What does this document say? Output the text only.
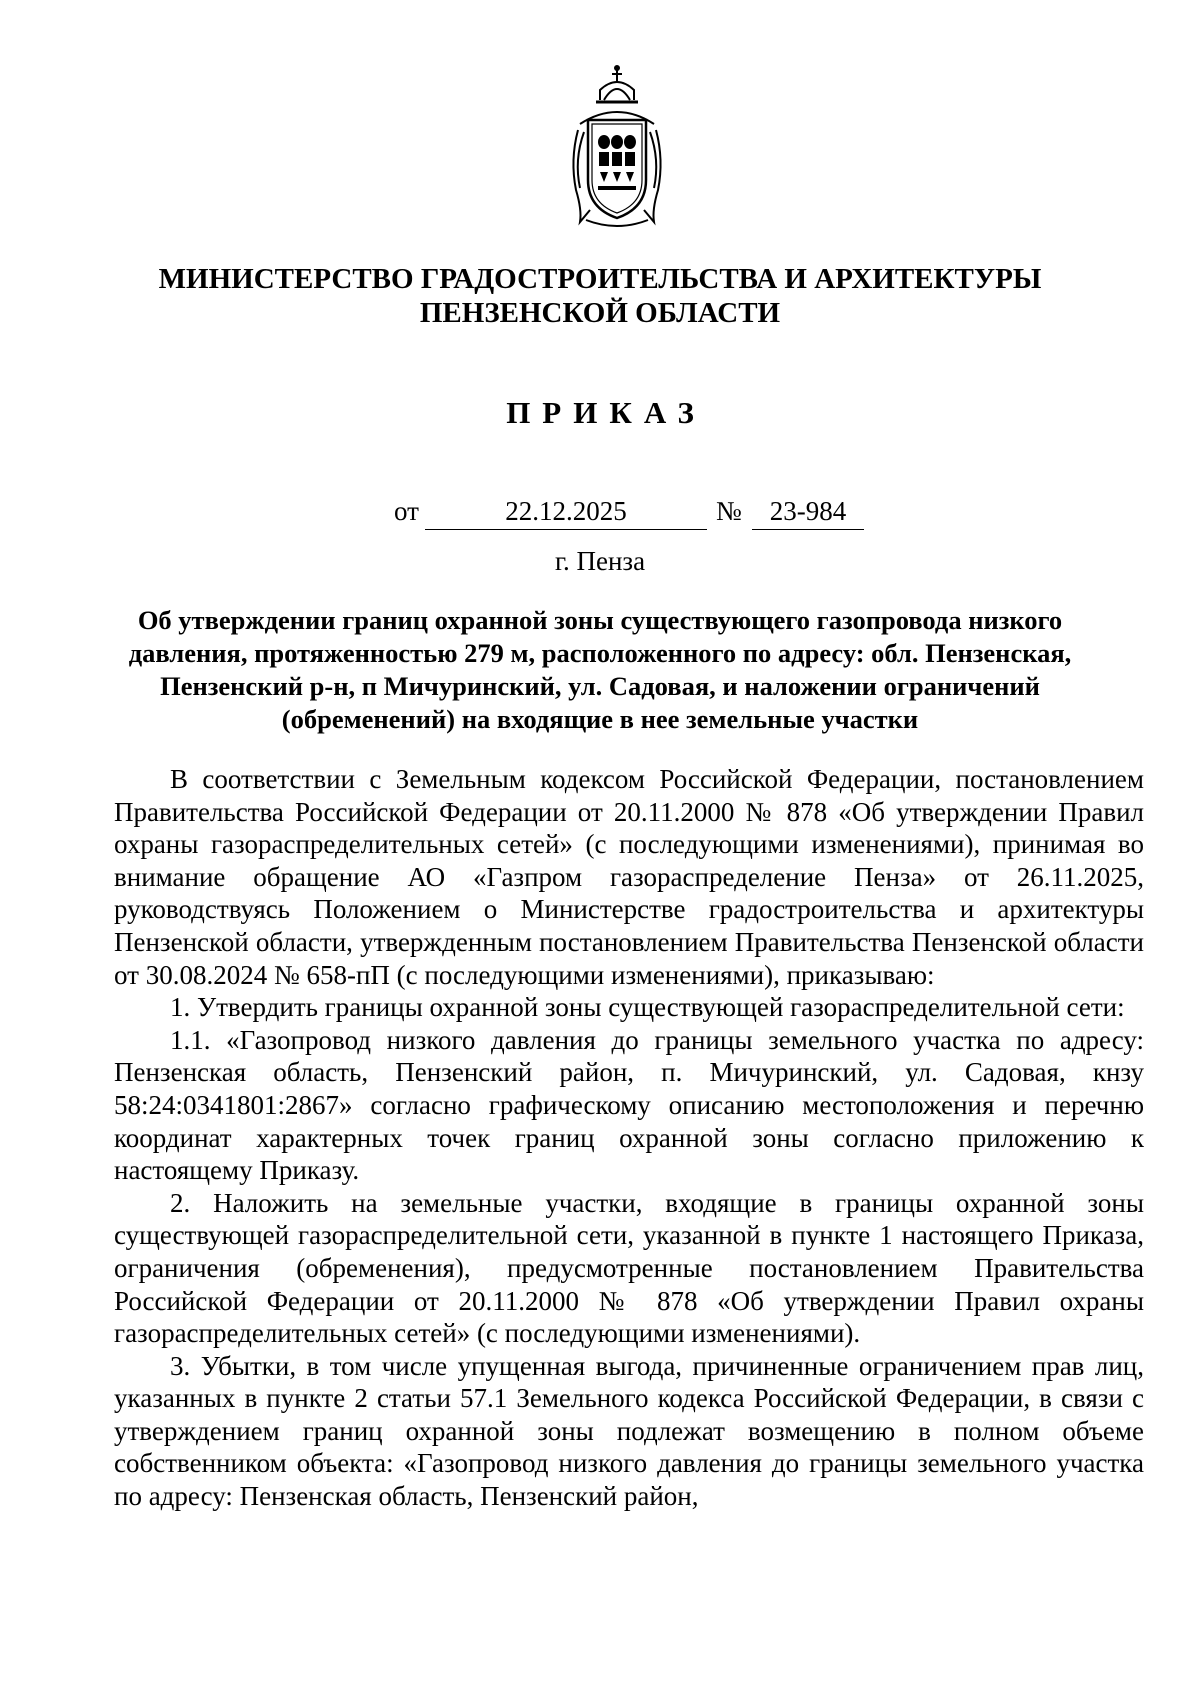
МИНИСТЕРСТВО ГРАДОСТРОИТЕЛЬСТВА И АРХИТЕКТУРЫ
ПЕНЗЕНСКОЙ ОБЛАСТИ
ПРИКАЗ
от	22.12.2025	№	23-984
г. Пенза
Об утверждении границ охранной зоны существующего газопровода низкого давления, протяженностью 279 м, расположенного по адресу: обл. Пензенская, Пензенский р-н, п Мичуринский, ул. Садовая, и наложении ограничений (обременений) на входящие в нее земельные участки

В соответствии с Земельным кодексом Российской Федерации, постановлением Правительства Российской Федерации от 20.11.2000 № 878 «Об утверждении Правил охраны газораспределительных сетей» (с последующими изменениями), принимая во внимание обращение АО «Газпром газораспределение Пенза» от 26.11.2025, руководствуясь Положением о Министерстве градостроительства и архитектуры Пензенской области, утвержденным постановлением Правительства Пензенской области от 30.08.2024 № 658-пП (с последующими изменениями), приказываю:

1. Утвердить границы охранной зоны существующей газораспределительной сети:

1.1. «Газопровод низкого давления до границы земельного участка по адресу: Пензенская область, Пензенский район, п. Мичуринский, ул. Садовая, кнзу 58:24:0341801:2867» согласно графическому описанию местоположения и перечню координат характерных точек границ охранной зоны согласно приложению к настоящему Приказу.

2. Наложить на земельные участки, входящие в границы охранной зоны существующей газораспределительной сети, указанной в пункте 1 настоящего Приказа, ограничения (обременения), предусмотренные постановлением Правительства Российской Федерации от 20.11.2000 № 878 «Об утверждении Правил охраны газораспределительных сетей» (с последующими изменениями).

3. Убытки, в том числе упущенная выгода, причиненные ограничением прав лиц, указанных в пункте 2 статьи 57.1 Земельного кодекса Российской Федерации, в связи с утверждением границ охранной зоны подлежат возмещению в полном объеме собственником объекта: «Газопровод низкого давления до границы земельного участка по адресу: Пензенская область, Пензенский район,
